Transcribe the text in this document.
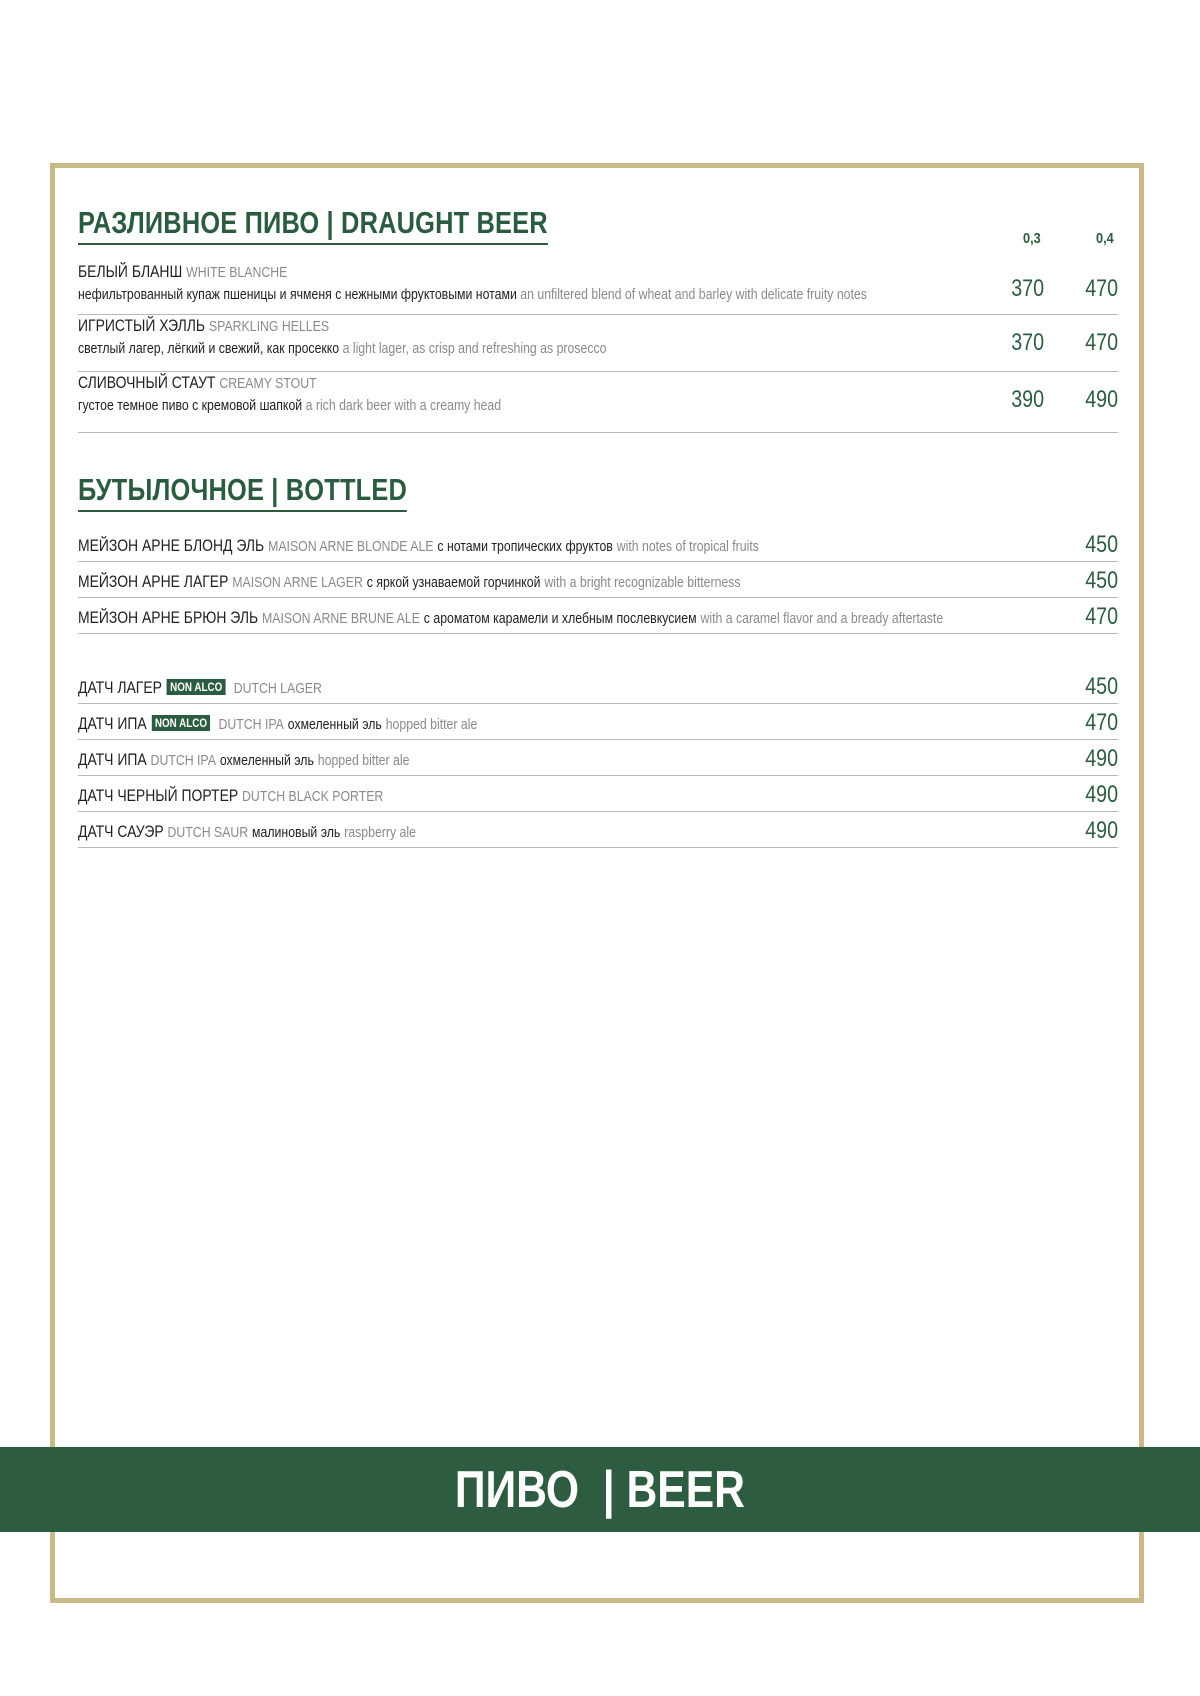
РАЗЛИВНОЕ ПИВО | DRAUGHT BEER	0,3	0,4
БЕЛЫЙ БЛАНШ WHITE BLANCHE
нефильтрованный купаж пшеницы и ячменя с нежными фруктовыми нотами an unfiltered blend of wheat and barley with delicate fruity notes	370 470
ИГРИСТЫЙ ХЭЛЛЬ SPARKLING HELLES
светлый лагер, лёгкий и свежий, как просекко a light lager, as crisp and refreshing as prosecco	370 470
СЛИВОЧНЫЙ СТАУТ CREAMY STOUT
густое темное пиво с кремовой шапкой a rich dark beer with a creamy head	390 490
БУТЫЛОЧНОЕ | BOTTLED
МЕЙЗОН АРНЕ БЛОНД ЭЛЬ MAISON ARNE BLONDE ALE с нотами тропических фруктов with notes of tropical fruits	450
МЕЙЗОН АРНЕ ЛАГЕР MAISON ARNE LAGER с яркой узнаваемой горчинкой with a bright recognizable bitterness	450
МЕЙЗОН АРНЕ БРЮН ЭЛЬ MAISON ARNE BRUNE ALE с ароматом карамели и хлебным послевкусием with a caramel flavor and a bready aftertaste	470
ДАТЧ ЛАГЕР NON ALCO DUTCH LAGER	450
ДАТЧ ИПА NON ALCO DUTCH IPA охмеленный эль hopped bitter ale	470
ДАТЧ ИПА DUTCH IPA охмеленный эль hopped bitter ale	490
ДАТЧ ЧЕРНЫЙ ПОРТЕР DUTCH BLACK PORTER	490
ДАТЧ САУЭР DUTCH SAUR малиновый эль raspberry ale	490
ПИВО  | BEER
